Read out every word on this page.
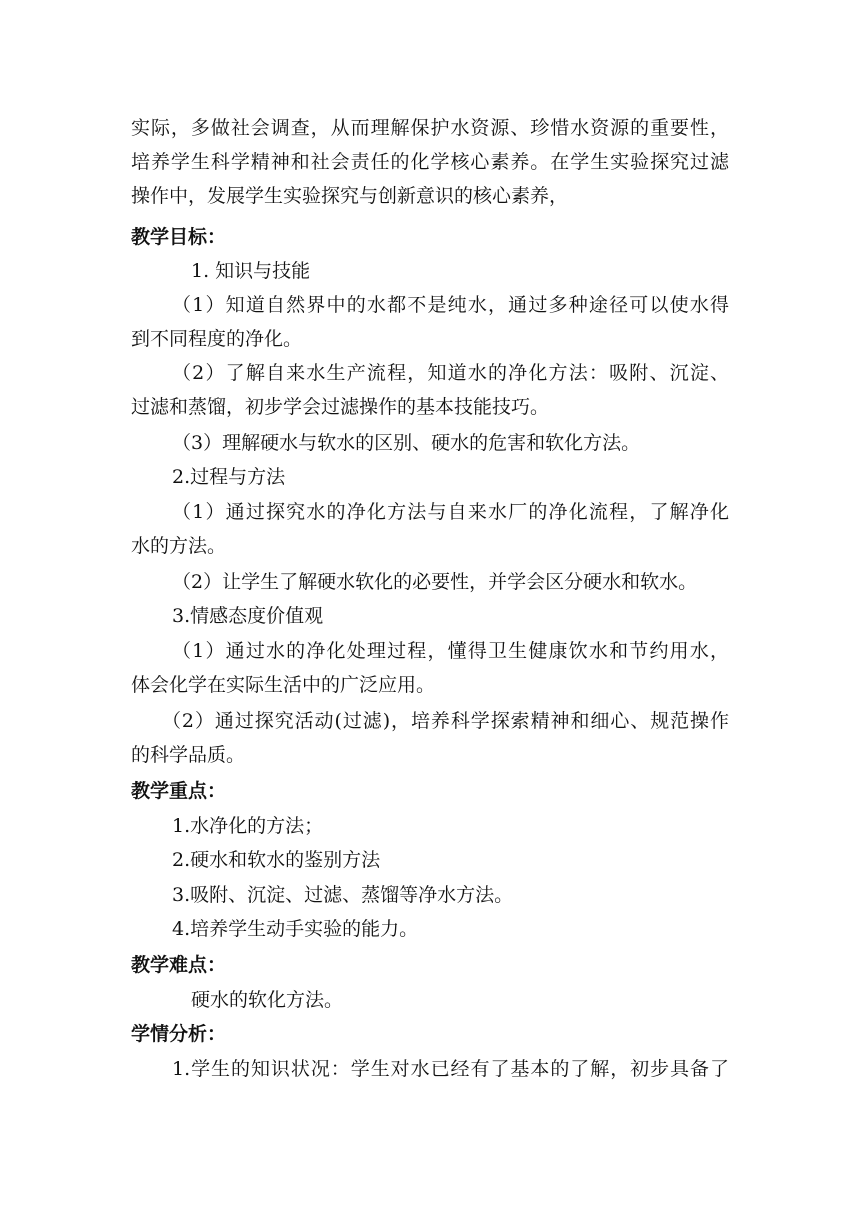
实际，多做社会调查，从而理解保护水资源、珍惜水资源的重要性，
培养学生科学精神和社会责任的化学核心素养。在学生实验探究过滤
操作中，发展学生实验探究与创新意识的核心素养，
教学目标：
1. 知识与技能
（1）知道自然界中的水都不是纯水，通过多种途径可以使水得
到不同程度的净化。
（2）了解自来水生产流程，知道水的净化方法：吸附、沉淀、
过滤和蒸馏，初步学会过滤操作的基本技能技巧。
（3）理解硬水与软水的区别、硬水的危害和软化方法。
2.过程与方法
（1）通过探究水的净化方法与自来水厂的净化流程，了解净化
水的方法。
（2）让学生了解硬水软化的必要性，并学会区分硬水和软水。
3.情感态度价值观
（1）通过水的净化处理过程，懂得卫生健康饮水和节约用水，
体会化学在实际生活中的广泛应用。
（2）通过探究活动(过滤)，培养科学探索精神和细心、规范操作
的科学品质。
教学重点：
1.水净化的方法；
2.硬水和软水的鉴别方法
3.吸附、沉淀、过滤、蒸馏等净水方法。
4.培养学生动手实验的能力。
教学难点：
硬水的软化方法。
学情分析：
1.学生的知识状况：学生对水已经有了基本的了解，初步具备了
